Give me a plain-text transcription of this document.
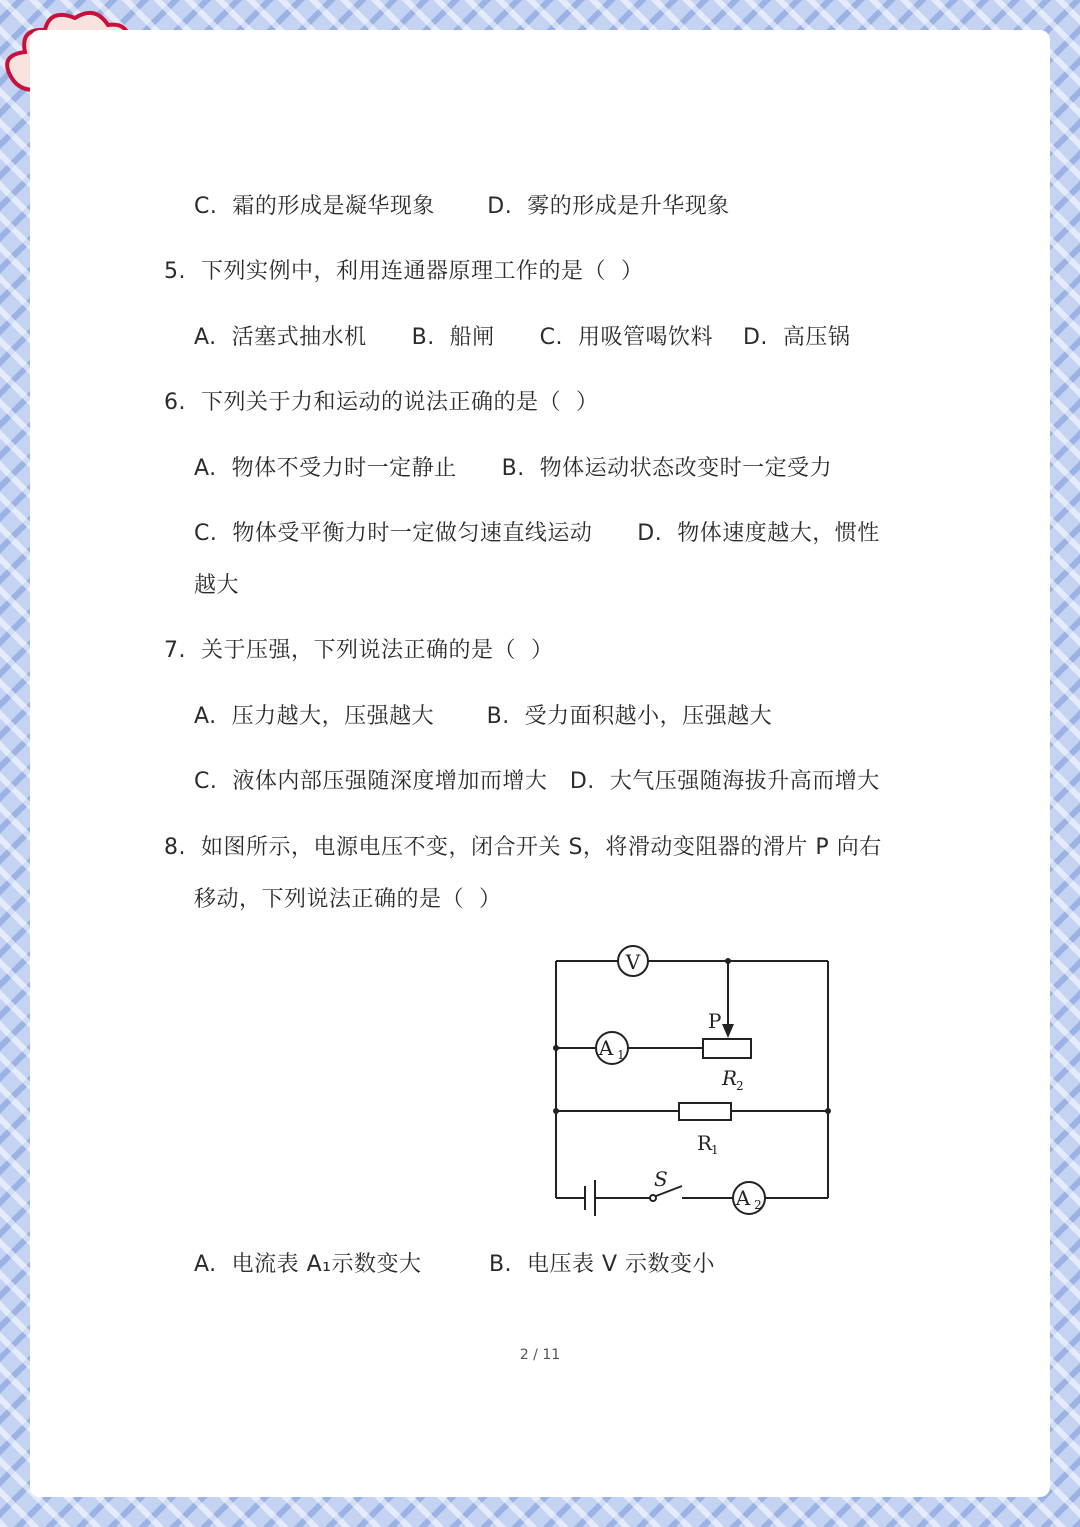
C.  霜的形成是凝华现象       D.  雾的形成是升华现象
5.  下列实例中，利用连通器原理工作的是（  ）
A.  活塞式抽水机      B.  船闸      C.  用吸管喝饮料    D.  高压锅
6.  下列关于力和运动的说法正确的是（  ）
A.  物体不受力时一定静止      B.  物体运动状态改变时一定受力
C.  物体受平衡力时一定做匀速直线运动      D.  物体速度越大，惯性
越大
7.  关于压强，下列说法正确的是（  ）
A.  压力越大，压强越大       B.  受力面积越小，压强越大
C.  液体内部压强随深度增加而增大   D.  大气压强随海拔升高而增大
8.  如图所示，电源电压不变，闭合开关 S，将滑动变阻器的滑片 P 向右
移动，下列说法正确的是（  ）
V
P
A 1
R
2
R
1
S
A 2
A.  电流表 A₁示数变大         B.  电压表 V 示数变小
2 / 11
